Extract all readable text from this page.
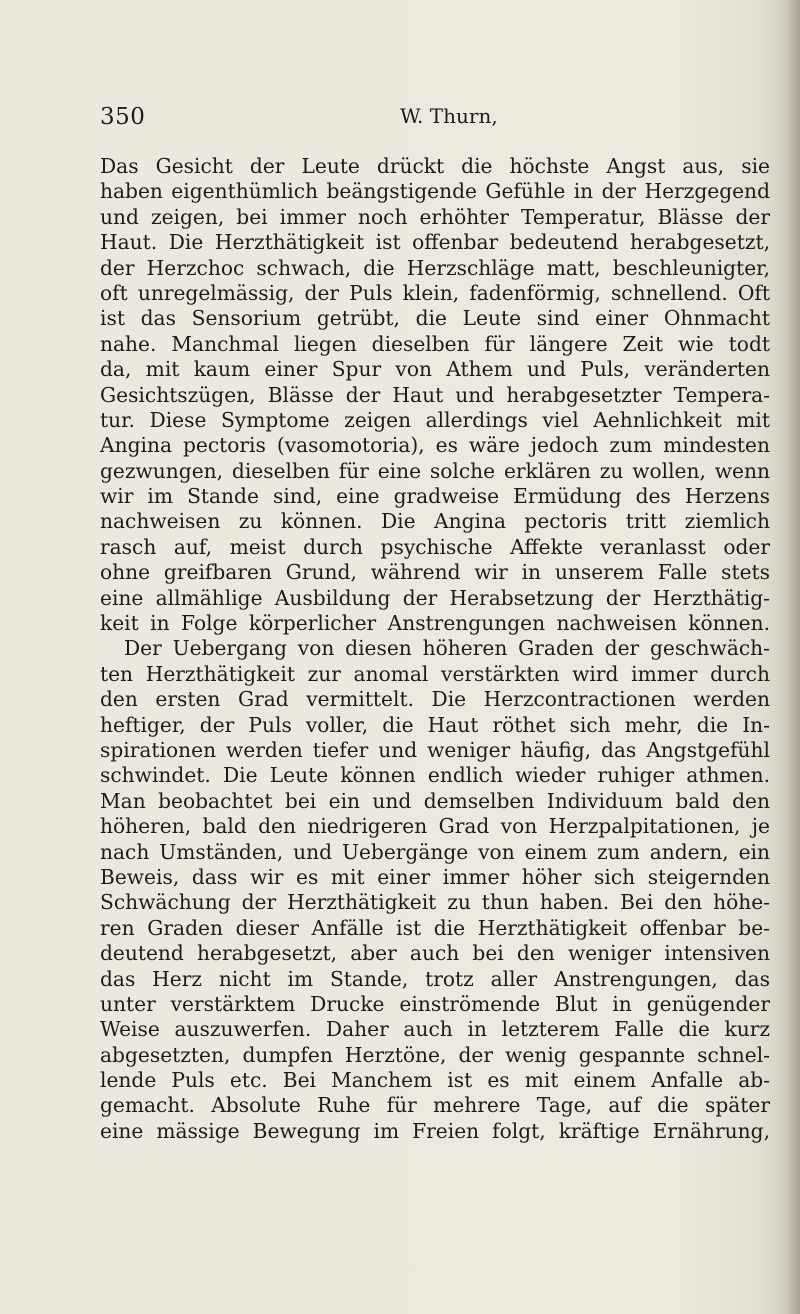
350	W. Thurn,
Das Gesicht der Leute drückt die höchste Angst aus, sie
haben eigenthümlich beängstigende Gefühle in der Herzgegend
und zeigen, bei immer noch erhöhter Temperatur, Blässe der
Haut. Die Herzthätigkeit ist offenbar bedeutend herabgesetzt,
der Herzchoc schwach, die Herzschläge matt, beschleunigter,
oft unregelmässig, der Puls klein, fadenförmig, schnellend. Oft
ist das Sensorium getrübt, die Leute sind einer Ohnmacht
nahe. Manchmal liegen dieselben für längere Zeit wie todt
da, mit kaum einer Spur von Athem und Puls, veränderten
Gesichtszügen, Blässe der Haut und herabgesetzter Tempera-
tur. Diese Symptome zeigen allerdings viel Aehnlichkeit mit
Angina pectoris (vasomotoria), es wäre jedoch zum mindesten
gezwungen, dieselben für eine solche erklären zu wollen, wenn
wir im Stande sind, eine gradweise Ermüdung des Herzens
nachweisen zu können. Die Angina pectoris tritt ziemlich
rasch auf, meist durch psychische Affekte veranlasst oder
ohne greifbaren Grund, während wir in unserem Falle stets
eine allmählige Ausbildung der Herabsetzung der Herzthätig-
keit in Folge körperlicher Anstrengungen nachweisen können.
Der Uebergang von diesen höheren Graden der geschwäch-
ten Herzthätigkeit zur anomal verstärkten wird immer durch
den ersten Grad vermittelt. Die Herzcontractionen werden
heftiger, der Puls voller, die Haut röthet sich mehr, die In-
spirationen werden tiefer und weniger häufig, das Angstgefühl
schwindet. Die Leute können endlich wieder ruhiger athmen.
Man beobachtet bei ein und demselben Individuum bald den
höheren, bald den niedrigeren Grad von Herzpalpitationen, je
nach Umständen, und Uebergänge von einem zum andern, ein
Beweis, dass wir es mit einer immer höher sich steigernden
Schwächung der Herzthätigkeit zu thun haben. Bei den höhe-
ren Graden dieser Anfälle ist die Herzthätigkeit offenbar be-
deutend herabgesetzt, aber auch bei den weniger intensiven
das Herz nicht im Stande, trotz aller Anstrengungen, das
unter verstärktem Drucke einströmende Blut in genügender
Weise auszuwerfen. Daher auch in letzterem Falle die kurz
abgesetzten, dumpfen Herztöne, der wenig gespannte schnel-
lende Puls etc. Bei Manchem ist es mit einem Anfalle ab-
gemacht. Absolute Ruhe für mehrere Tage, auf die später
eine mässige Bewegung im Freien folgt, kräftige Ernährung,
